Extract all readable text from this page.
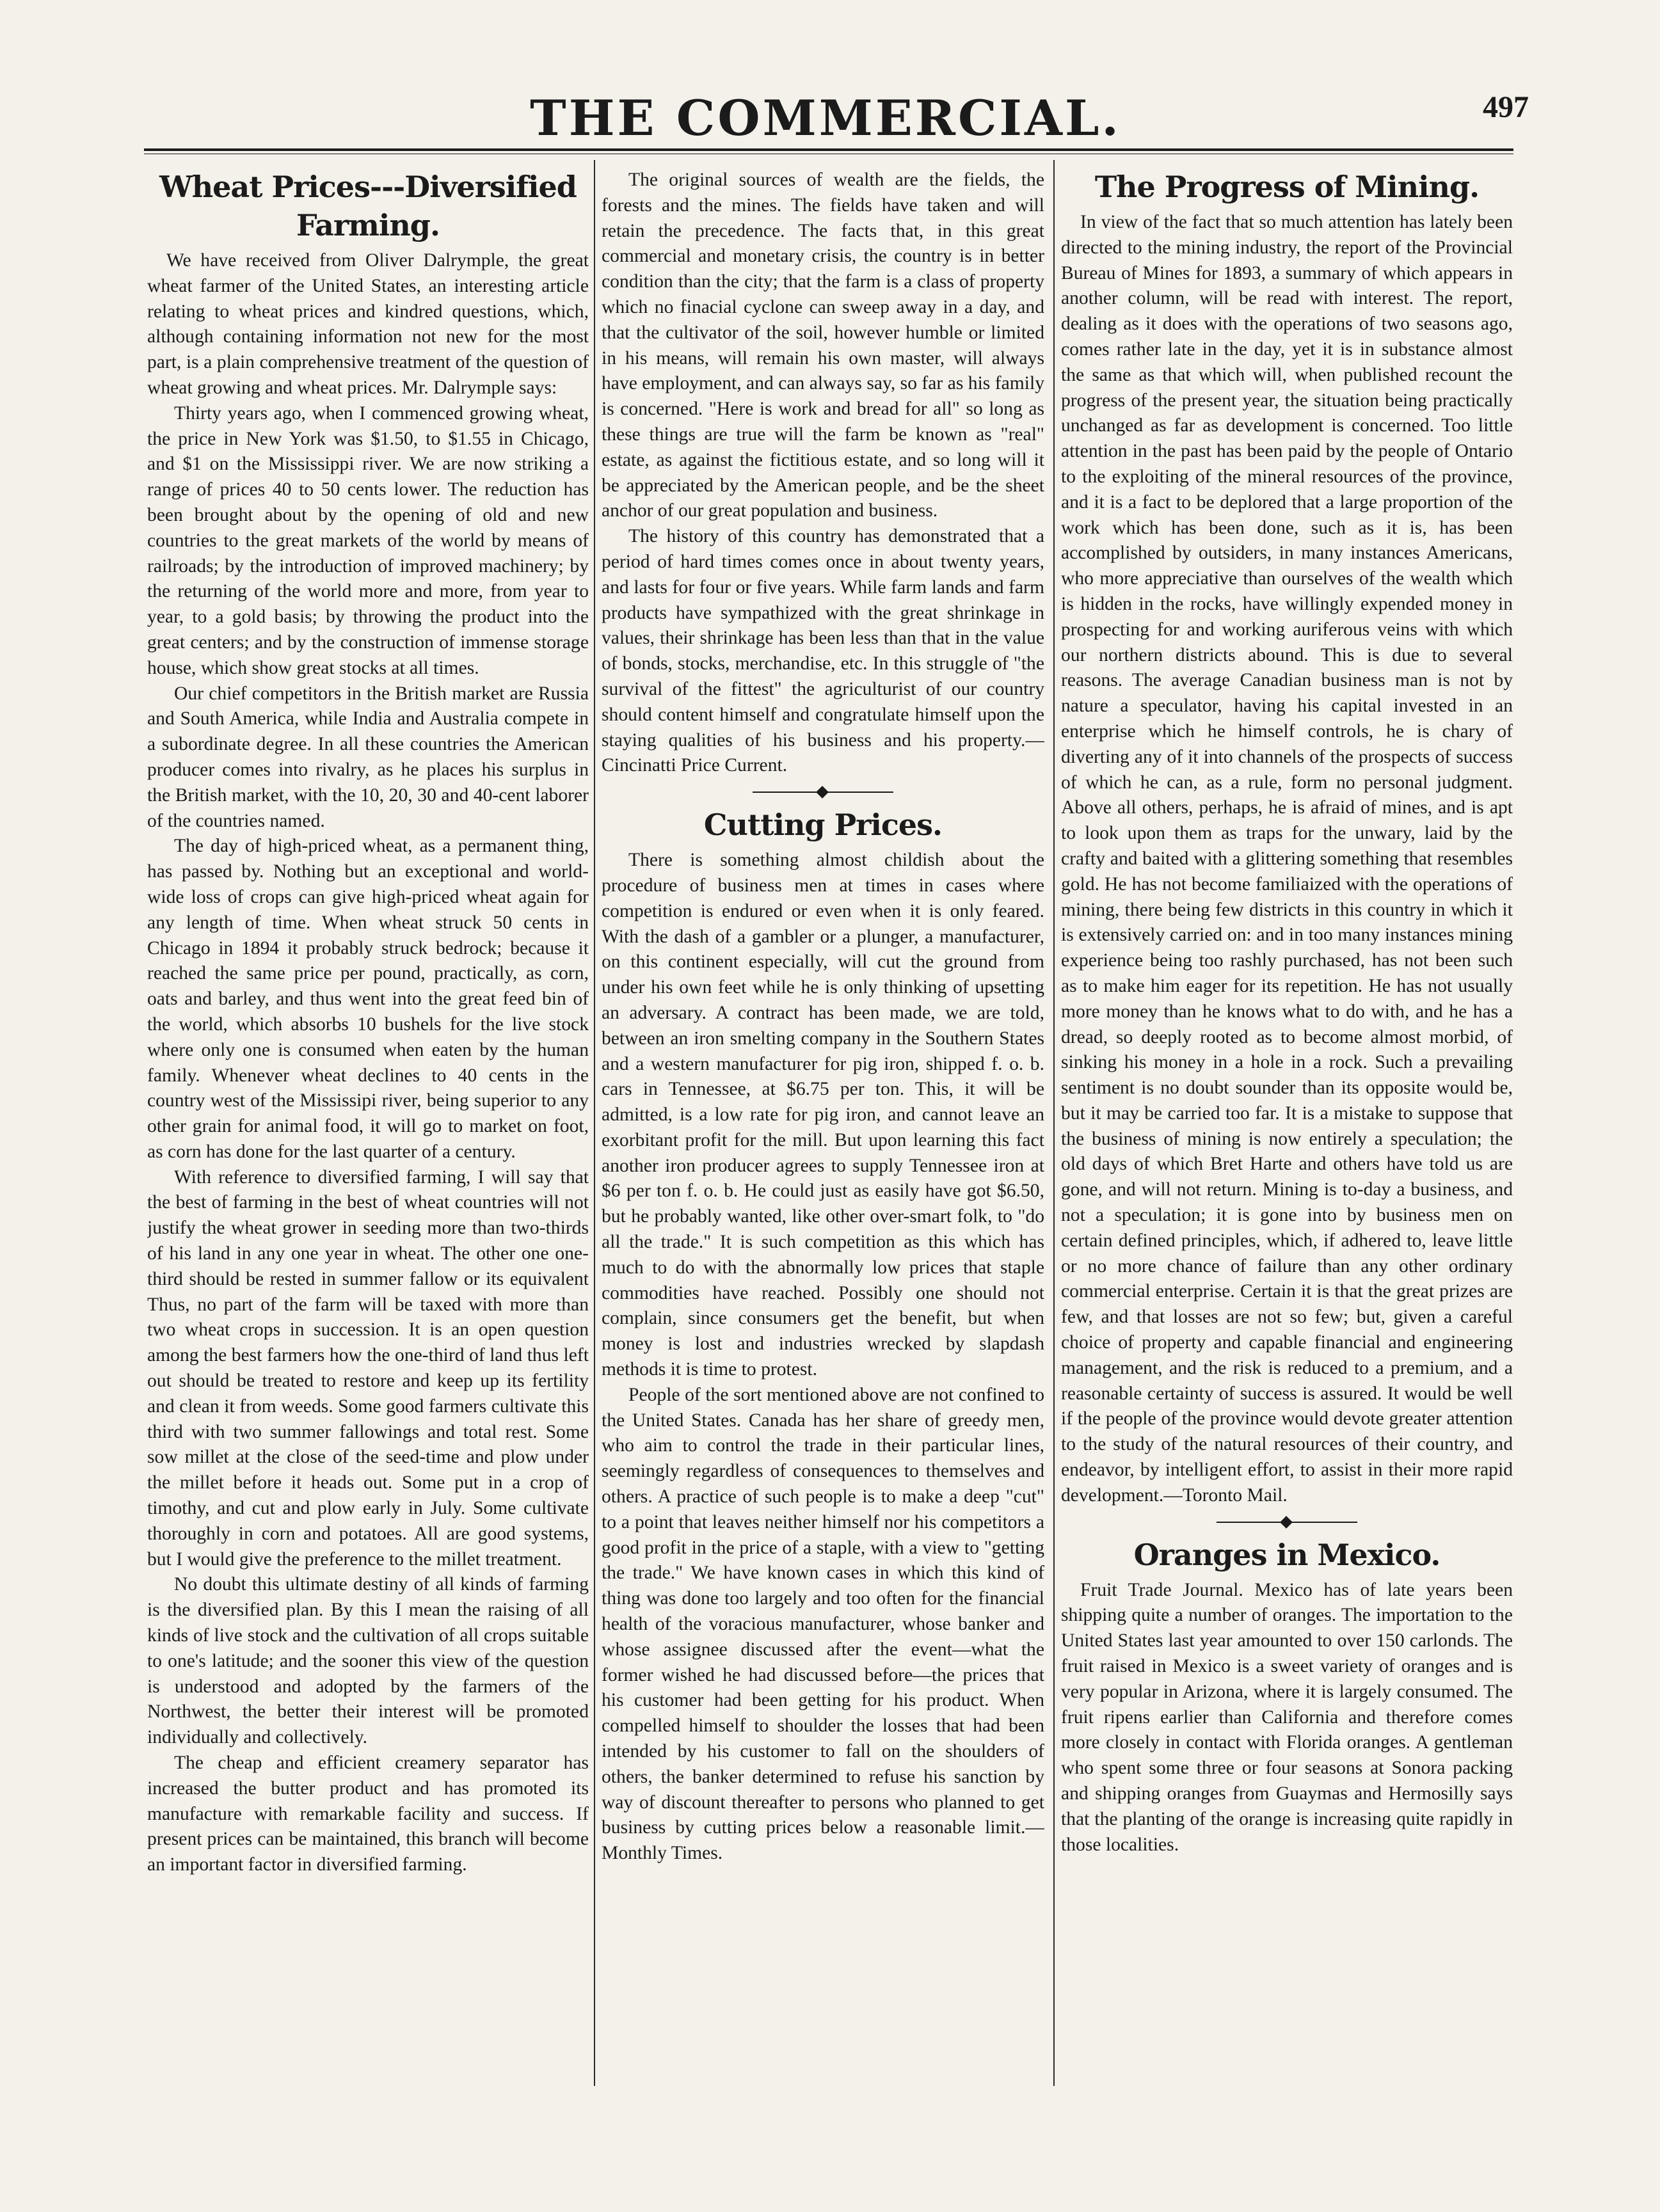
THE COMMERCIAL.	497
Wheat Prices---Diversified Farming.

We have received from Oliver Dalrymple, the great wheat farmer of the United States, an interesting article relating to wheat prices and kindred questions, which, although containing information not new for the most part, is a plain comprehensive treatment of the question of wheat growing and wheat prices. Mr. Dalrymple says:

Thirty years ago, when I commenced growing wheat, the price in New York was $1.50, to $1.55 in Chicago, and $1 on the Mississippi river. We are now striking a range of prices 40 to 50 cents lower. The reduction has been brought about by the opening of old and new countries to the great markets of the world by means of railroads; by the introduction of improved machinery; by the returning of the world more and more, from year to year, to a gold basis; by throwing the product into the great centers; and by the construction of immense storage house, which show great stocks at all times.

Our chief competitors in the British market are Russia and South America, while India and Australia compete in a subordinate degree. In all these countries the American producer comes into rivalry, as he places his surplus in the British market, with the 10, 20, 30 and 40-cent laborer of the countries named.

The day of high-priced wheat, as a permanent thing, has passed by. Nothing but an exceptional and world-wide loss of crops can give high-priced wheat again for any length of time. When wheat struck 50 cents in Chicago in 1894 it probably struck bedrock; because it reached the same price per pound, practically, as corn, oats and barley, and thus went into the great feed bin of the world, which absorbs 10 bushels for the live stock where only one is consumed when eaten by the human family. Whenever wheat declines to 40 cents in the country west of the Mississipi river, being superior to any other grain for animal food, it will go to market on foot, as corn has done for the last quarter of a century.

With reference to diversified farming, I will say that the best of farming in the best of wheat countries will not justify the wheat grower in seeding more than two-thirds of his land in any one year in wheat. The other one one-third should be rested in summer fallow or its equivalent Thus, no part of the farm will be taxed with more than two wheat crops in succession. It is an open question among the best farmers how the one-third of land thus left out should be treated to restore and keep up its fertility and clean it from weeds. Some good farmers cultivate this third with two summer fallowings and total rest. Some sow millet at the close of the seed-time and plow under the millet before it heads out. Some put in a crop of timothy, and cut and plow early in July. Some cultivate thoroughly in corn and potatoes. All are good systems, but I would give the preference to the millet treatment.

No doubt this ultimate destiny of all kinds of farming is the diversified plan. By this I mean the raising of all kinds of live stock and the cultivation of all crops suitable to one's latitude; and the sooner this view of the question is understood and adopted by the farmers of the Northwest, the better their interest will be promoted individually and collectively.

The cheap and efficient creamery separator has increased the butter product and has promoted its manufacture with remarkable facility and success. If present prices can be maintained, this branch will become an important factor in diversified farming.

The original sources of wealth are the fields, the forests and the mines. The fields have taken and will retain the precedence. The facts that, in this great commercial and monetary crisis, the country is in better condition than the city; that the farm is a class of property which no finacial cyclone can sweep away in a day, and that the cultivator of the soil, however humble or limited in his means, will remain his own master, will always have employment, and can always say, so far as his family is concerned. "Here is work and bread for all" so long as these things are true will the farm be known as "real" estate, as against the fictitious estate, and so long will it be appreciated by the American people, and be the sheet anchor of our great population and business.

The history of this country has demonstrated that a period of hard times comes once in about twenty years, and lasts for four or five years. While farm lands and farm products have sympathized with the great shrinkage in values, their shrinkage has been less than that in the value of bonds, stocks, merchandise, etc. In this struggle of "the survival of the fittest" the agriculturist of our country should content himself and congratulate himself upon the staying qualities of his business and his property.—Cincinatti Price Current.

Cutting Prices.

There is something almost childish about the procedure of business men at times in cases where competition is endured or even when it is only feared. With the dash of a gambler or a plunger, a manufacturer, on this continent especially, will cut the ground from under his own feet while he is only thinking of upsetting an adversary. A contract has been made, we are told, between an iron smelting company in the Southern States and a western manufacturer for pig iron, shipped f. o. b. cars in Tennessee, at $6.75 per ton. This, it will be admitted, is a low rate for pig iron, and cannot leave an exorbitant profit for the mill. But upon learning this fact another iron producer agrees to supply Tennessee iron at $6 per ton f. o. b. He could just as easily have got $6.50, but he probably wanted, like other over-smart folk, to "do all the trade." It is such competition as this which has much to do with the abnormally low prices that staple commodities have reached. Possibly one should not complain, since consumers get the benefit, but when money is lost and industries wrecked by slapdash methods it is time to protest.

People of the sort mentioned above are not confined to the United States. Canada has her share of greedy men, who aim to control the trade in their particular lines, seemingly regardless of consequences to themselves and others. A practice of such people is to make a deep "cut" to a point that leaves neither himself nor his competitors a good profit in the price of a staple, with a view to "getting the trade." We have known cases in which this kind of thing was done too largely and too often for the financial health of the voracious manufacturer, whose banker and whose assignee discussed after the event—what the former wished he had discussed before—the prices that his customer had been getting for his product. When compelled himself to shoulder the losses that had been intended by his customer to fall on the shoulders of others, the banker determined to refuse his sanction by way of discount thereafter to persons who planned to get business by cutting prices below a reasonable limit.—Monthly Times.

The Progress of Mining.

In view of the fact that so much attention has lately been directed to the mining industry, the report of the Provincial Bureau of Mines for 1893, a summary of which appears in another column, will be read with interest. The report, dealing as it does with the operations of two seasons ago, comes rather late in the day, yet it is in substance almost the same as that which will, when published recount the progress of the present year, the situation being practically unchanged as far as development is concerned. Too little attention in the past has been paid by the people of Ontario to the exploiting of the mineral resources of the province, and it is a fact to be deplored that a large proportion of the work which has been done, such as it is, has been accomplished by outsiders, in many instances Americans, who more appreciative than ourselves of the wealth which is hidden in the rocks, have willingly expended money in prospecting for and working auriferous veins with which our northern districts abound. This is due to several reasons. The average Canadian business man is not by nature a speculator, having his capital invested in an enterprise which he himself controls, he is chary of diverting any of it into channels of the prospects of success of which he can, as a rule, form no personal judgment. Above all others, perhaps, he is afraid of mines, and is apt to look upon them as traps for the unwary, laid by the crafty and baited with a glittering something that resembles gold. He has not become familiaized with the operations of mining, there being few districts in this country in which it is extensively carried on: and in too many instances mining experience being too rashly purchased, has not been such as to make him eager for its repetition. He has not usually more money than he knows what to do with, and he has a dread, so deeply rooted as to become almost morbid, of sinking his money in a hole in a rock. Such a prevailing sentiment is no doubt sounder than its opposite would be, but it may be carried too far. It is a mistake to suppose that the business of mining is now entirely a speculation; the old days of which Bret Harte and others have told us are gone, and will not return. Mining is to-day a business, and not a speculation; it is gone into by business men on certain defined principles, which, if adhered to, leave little or no more chance of failure than any other ordinary commercial enterprise. Certain it is that the great prizes are few, and that losses are not so few; but, given a careful choice of property and capable financial and engineering management, and the risk is reduced to a premium, and a reasonable certainty of success is assured. It would be well if the people of the province would devote greater attention to the study of the natural resources of their country, and endeavor, by intelligent effort, to assist in their more rapid development.—Toronto Mail.

Oranges in Mexico.

Fruit Trade Journal. Mexico has of late years been shipping quite a number of oranges. The importation to the United States last year amounted to over 150 carlonds. The fruit raised in Mexico is a sweet variety of oranges and is very popular in Arizona, where it is largely consumed. The fruit ripens earlier than California and therefore comes more closely in contact with Florida oranges. A gentleman who spent some three or four seasons at Sonora packing and shipping oranges from Guaymas and Hermosilly says that the planting of the orange is increasing quite rapidly in those localities.
